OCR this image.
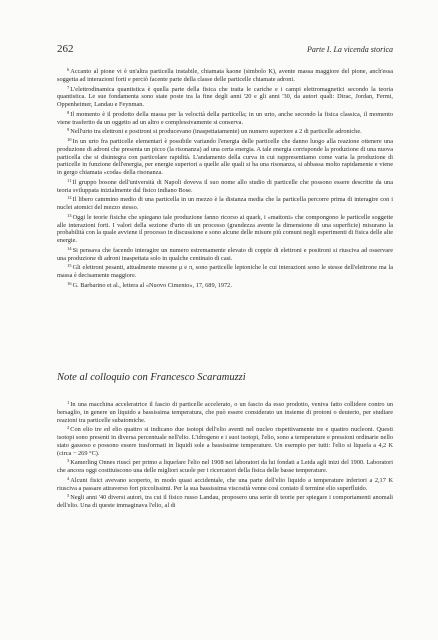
262	Parte I. La vicenda storica

$^6$Accanto al pione vi è un'altra particella instabile, chiamata kaone (simbolo K), avente massa maggiore del pione, anch'essa soggetta ad interazioni forti e perciò facente parte della classe delle particelle chiamate adroni.

$^7$L'elettrodinamica quantistica è quella parte della fisica che tratta le cariche e i campi elettromagnetici secondo la teoria quantistica. Le sue fondamenta sono state poste tra la fine degli anni '20 e gli anni '30, da autori quali: Dirac, Jordan, Fermi, Oppenheimer, Landau e Feynman.

$^8$Il momento è il prodotto della massa per la velocità della particella; in un urto, anche secondo la fisica classica, il momento viene trasferito da un oggetto ad un altro e complessivamente si conserva.

$^9$Nell'urto tra elettroni e positroni si producevano (inaspettatamente) un numero superiore a 2 di particelle adroniche.

$^{10}$In un urto fra particelle elementari è possibile variando l'energia delle particelle che danno luogo alla reazione ottenere una produzione di adroni che presenta un picco (la risonanza) ad una certa energia. A tale energia corrisponde la produzione di una nuova particella che si disintegra con particolare rapidità. L'andamento della curva in cui rappresentiamo come varia la produzione di particelle in funzione dell'energia, per energie superiori a quelle alle quali si ha una risonanza, si abbassa molto rapidamente e viene in gergo chiamata «coda» della risonanza.

$^{11}$Il gruppo bosone dell'università di Napoli doveva il suo nome allo studio di particelle che possono essere descritte da una teoria sviluppata inizialmente dal fisico indiano Bose.

$^{12}$Il libero cammino medio di una particella in un mezzo è la distanza media che la particella percorre prima di interagire con i nuclei atomici del mezzo stesso.

$^{13}$Oggi le teorie fisiche che spiegano tale produzione fanno ricorso ai quark, i «mattoni» che compongono le particelle soggette alle interazioni forti. I valori della sezione d'urto di un processo (grandezza avente la dimensione di una superficie) misurano la probabilità con la quale avviene il processo in discussione e sono alcune delle misure più comuni negli esperimenti di fisica delle alte energie.

$^{14}$Si pensava che facendo interagire un numero estremamente elevato di coppie di elettroni e positroni si riusciva ad osservare una produzione di adroni inaspettata solo in qualche centinaio di casi.

$^{15}$Gli elettroni pesanti, attualmente mesone μ e π, sono particelle leptoniche le cui interazioni sono le stesse dell'elettrone ma la massa è decisamente maggiore.

$^{16}$G. Barbarino et al., lettera al «Nuovo Cimento», 17, 689, 1972.

Note al colloquio con Francesco Scaramuzzi

$^1$In una macchina acceleratrice il fascio di particelle accelerato, o un fascio da esso prodotto, veniva fatto collidere contro un bersaglio, in genere un liquido a bassissima temperatura, che può essere considerato un insieme di protoni o deuterio, per studiare reazioni tra particelle subatomiche.

$^2$Con elio tre ed elio quattro si indicano due isotopi dell'elio aventi nel nucleo rispettivamente tre e quattro nucleoni. Questi isotopi sono presenti in diversa percentuale nell'elio. L'idrogeno e i suoi isotopi, l'elio, sono a temperature e pressioni ordinarie nello stato gassoso e possono essere trasformati in liquidi sole a bassissime temperature. Un esempio per tutti: l'elio si liquefa a 4,2 K (circa − 269 °C).

$^3$Kamerling Onnes riuscì per primo a liquefare l'elio nel 1908 nei laboratori da lui fondati a Leida agli inizi del 1900. Laboratori che ancora oggi costituiscono una delle migliori scuole per i ricercatori della fisica delle basse temperature.

$^4$Alcuni fisici avevano scoperto, in modo quasi accidentale, che una parte dell'elio liquido a temperature inferiori a 2,17 K riusciva a passare attraverso fori piccolissimi. Per la sua bassissima viscosità venne così coniato il termine elio superfluido.

$^5$Negli anni '40 diversi autori, tra cui il fisico russo Landau, proposero una serie di teorie per spiegare i comportamenti anomali dell'elio. Una di queste immaginava l'elio, al di
